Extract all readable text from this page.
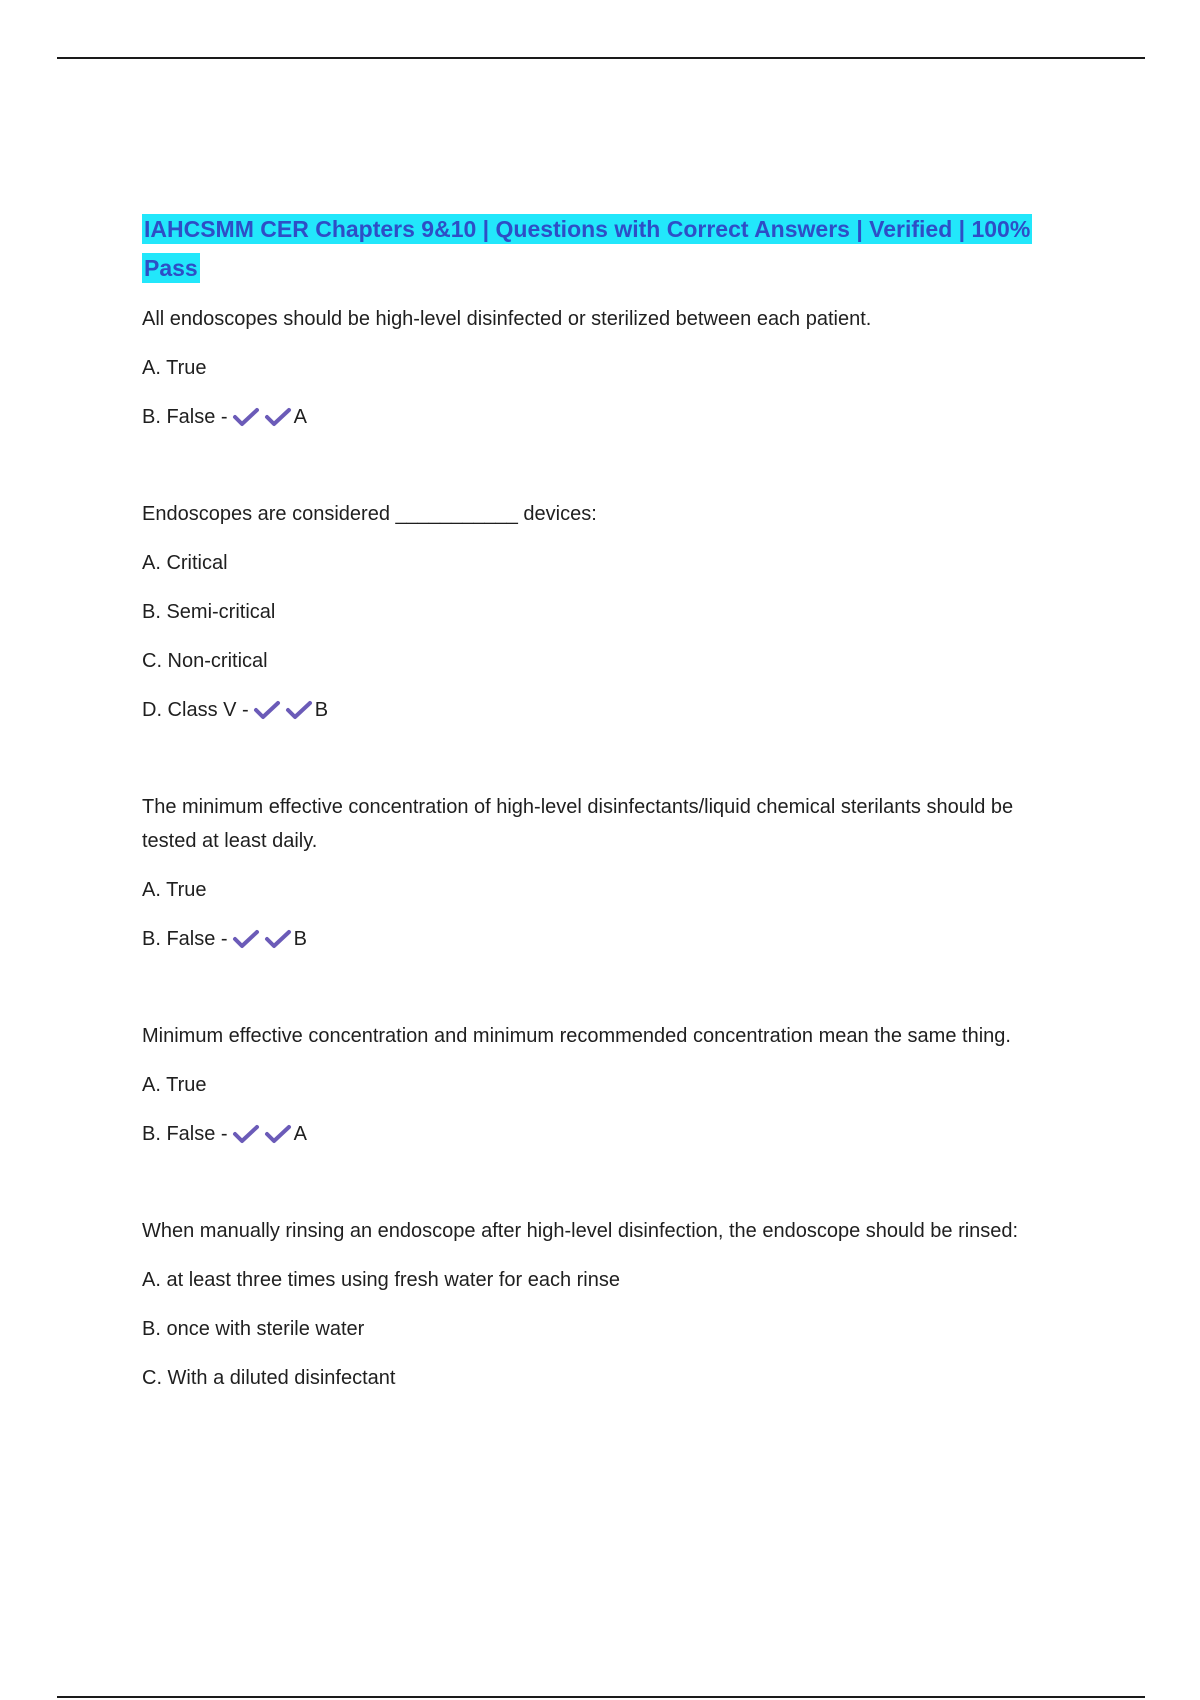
IAHCSMM CER Chapters 9&10 | Questions with Correct Answers | Verified | 100% Pass
All endoscopes should be high-level disinfected or sterilized between each patient.
A. True
B. False -	A
Endoscopes are considered ___________ devices:
A. Critical
B. Semi-critical
C. Non-critical
D. Class V -	B
The minimum effective concentration of high-level disinfectants/liquid chemical sterilants should be tested at least daily.
A. True
B. False -	B
Minimum effective concentration and minimum recommended concentration mean the same thing.
A. True
B. False -	A
When manually rinsing an endoscope after high-level disinfection, the endoscope should be rinsed:
A. at least three times using fresh water for each rinse
B. once with sterile water
C. With a diluted disinfectant
